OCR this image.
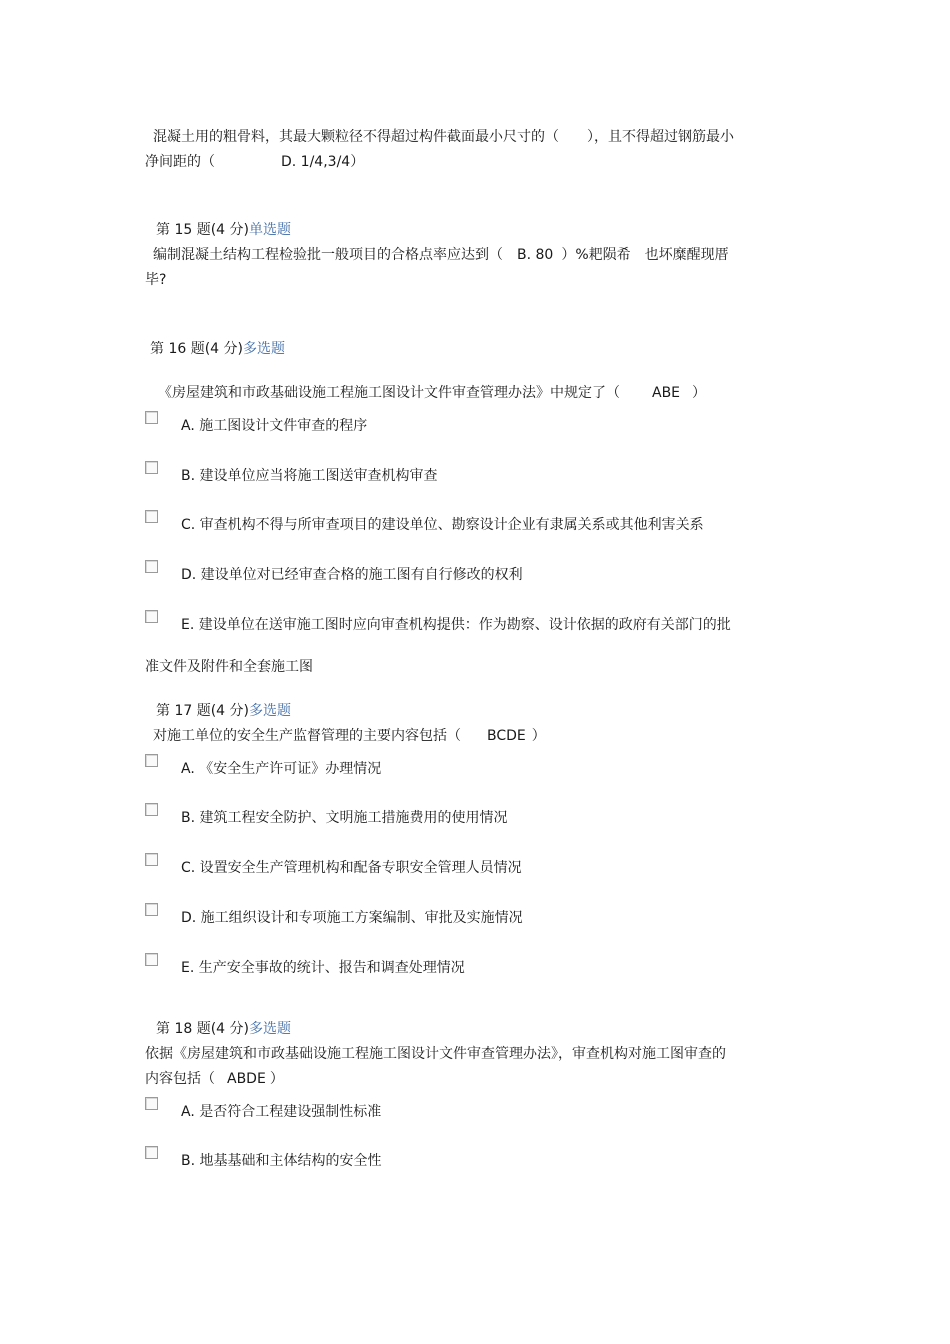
混凝土用的粗骨料，其最大颗粒径不得超过构件截面最小尺寸的（　　），且不得超过钢筋最小
净间距的（	D. 1/4,3/4）
第 15 题(4 分)单选题
编制混凝土结构工程检验批一般项目的合格点率应达到（ B. 80 ）%耙陨希　也坏糜醒现厝
毕?
第 16 题(4 分)多选题
《房屋建筑和市政基础设施工程施工图设计文件审查管理办法》中规定了（ ABE ）
A. 施工图设计文件审查的程序
B. 建设单位应当将施工图送审查机构审查
C. 审查机构不得与所审查项目的建设单位、勘察设计企业有隶属关系或其他利害关系
D. 建设单位对已经审查合格的施工图有自行修改的权利
E. 建设单位在送审施工图时应向审查机构提供：作为勘察、设计依据的政府有关部门的批
准文件及附件和全套施工图
第 17 题(4 分)多选题
对施工单位的安全生产监督管理的主要内容包括（ BCDE ）
A. 《安全生产许可证》办理情况
B. 建筑工程安全防护、文明施工措施费用的使用情况
C. 设置安全生产管理机构和配备专职安全管理人员情况
D. 施工组织设计和专项施工方案编制、审批及实施情况
E. 生产安全事故的统计、报告和调查处理情况
第 18 题(4 分)多选题
依据《房屋建筑和市政基础设施工程施工图设计文件审查管理办法》，审查机构对施工图审查的
内容包括（ ABDE ）
A. 是否符合工程建设强制性标准
B. 地基基础和主体结构的安全性
